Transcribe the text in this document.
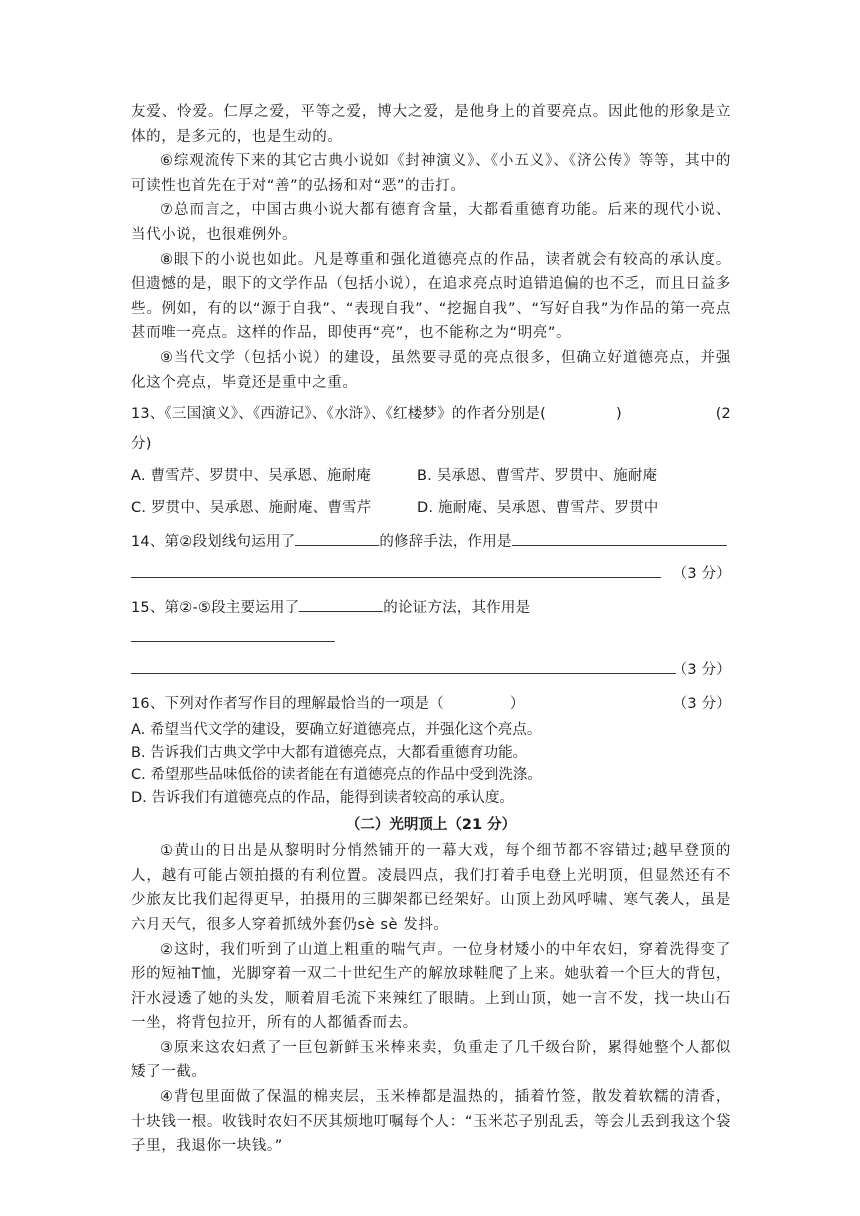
友爱、怜爱。仁厚之爱，平等之爱，博大之爱，是他身上的首要亮点。因此他的形象是立体的，是多元的，也是生动的。

⑥综观流传下来的其它古典小说如《封神演义》、《小五义》、《济公传》等等，其中的可读性也首先在于对“善”的弘扬和对“恶”的击打。

⑦总而言之，中国古典小说大都有德育含量，大都看重德育功能。后来的现代小说、当代小说，也很难例外。

⑧眼下的小说也如此。凡是尊重和强化道德亮点的作品，读者就会有较高的承认度。但遗憾的是，眼下的文学作品（包括小说），在追求亮点时追错追偏的也不乏，而且日益多些。例如，有的以“源于自我”、“表现自我”、“挖掘自我”、“写好自我”为作品的第一亮点甚而唯一亮点。这样的作品，即使再“亮”，也不能称之为“明亮”。

⑨当代文学（包括小说）的建设，虽然要寻觅的亮点很多，但确立好道德亮点，并强化这个亮点，毕竟还是重中之重。

13、《三国演义》、《西游记》、《水浒》、《红楼梦》的作者分别是(	)	(2
分)
A. 曹雪芹、罗贯中、吴承恩、施耐庵	B. 吴承恩、曹雪芹、罗贯中、施耐庵
C. 罗贯中、吴承恩、施耐庵、曹雪芹	D. 施耐庵、吴承恩、曹雪芹、罗贯中
14、第②段划线句运用了	的修辞手法，作用是
（3 分）
15、第②-⑤段主要运用了	的论证方法，其作用是
（3 分）
16、下列对作者写作目的理解最恰当的一项是（	）	（3 分）

A. 希望当代文学的建设，要确立好道德亮点，并强化这个亮点。

B. 告诉我们古典文学中大都有道德亮点，大都看重德育功能。

C. 希望那些品味低俗的读者能在有道德亮点的作品中受到洗涤。

D. 告诉我们有道德亮点的作品，能得到读者较高的承认度。

（二）光明顶上（21 分）

①黄山的日出是从黎明时分悄然铺开的一幕大戏，每个细节都不容错过;越早登顶的人，越有可能占领拍摄的有利位置。凌晨四点，我们打着手电登上光明顶，但显然还有不少旅友比我们起得更早，拍摄用的三脚架都已经架好。山顶上劲风呼啸、寒气袭人，虽是六月天气，很多人穿着抓绒外套仍sè sè 发抖。

②这时，我们听到了山道上粗重的喘气声。一位身材矮小的中年农妇，穿着洗得变了形的短袖T恤，光脚穿着一双二十世纪生产的解放球鞋爬了上来。她驮着一个巨大的背包，汗水浸透了她的头发，顺着眉毛流下来辣红了眼睛。上到山顶，她一言不发，找一块山石一坐，将背包拉开，所有的人都循香而去。

③原来这农妇煮了一巨包新鲜玉米棒来卖，负重走了几千级台阶，累得她整个人都似矮了一截。

④背包里面做了保温的棉夹层，玉米棒都是温热的，插着竹签，散发着软糯的清香，十块钱一根。收钱时农妇不厌其烦地叮嘱每个人：“玉米芯子别乱丢，等会儿丢到我这个袋子里，我退你一块钱。”
